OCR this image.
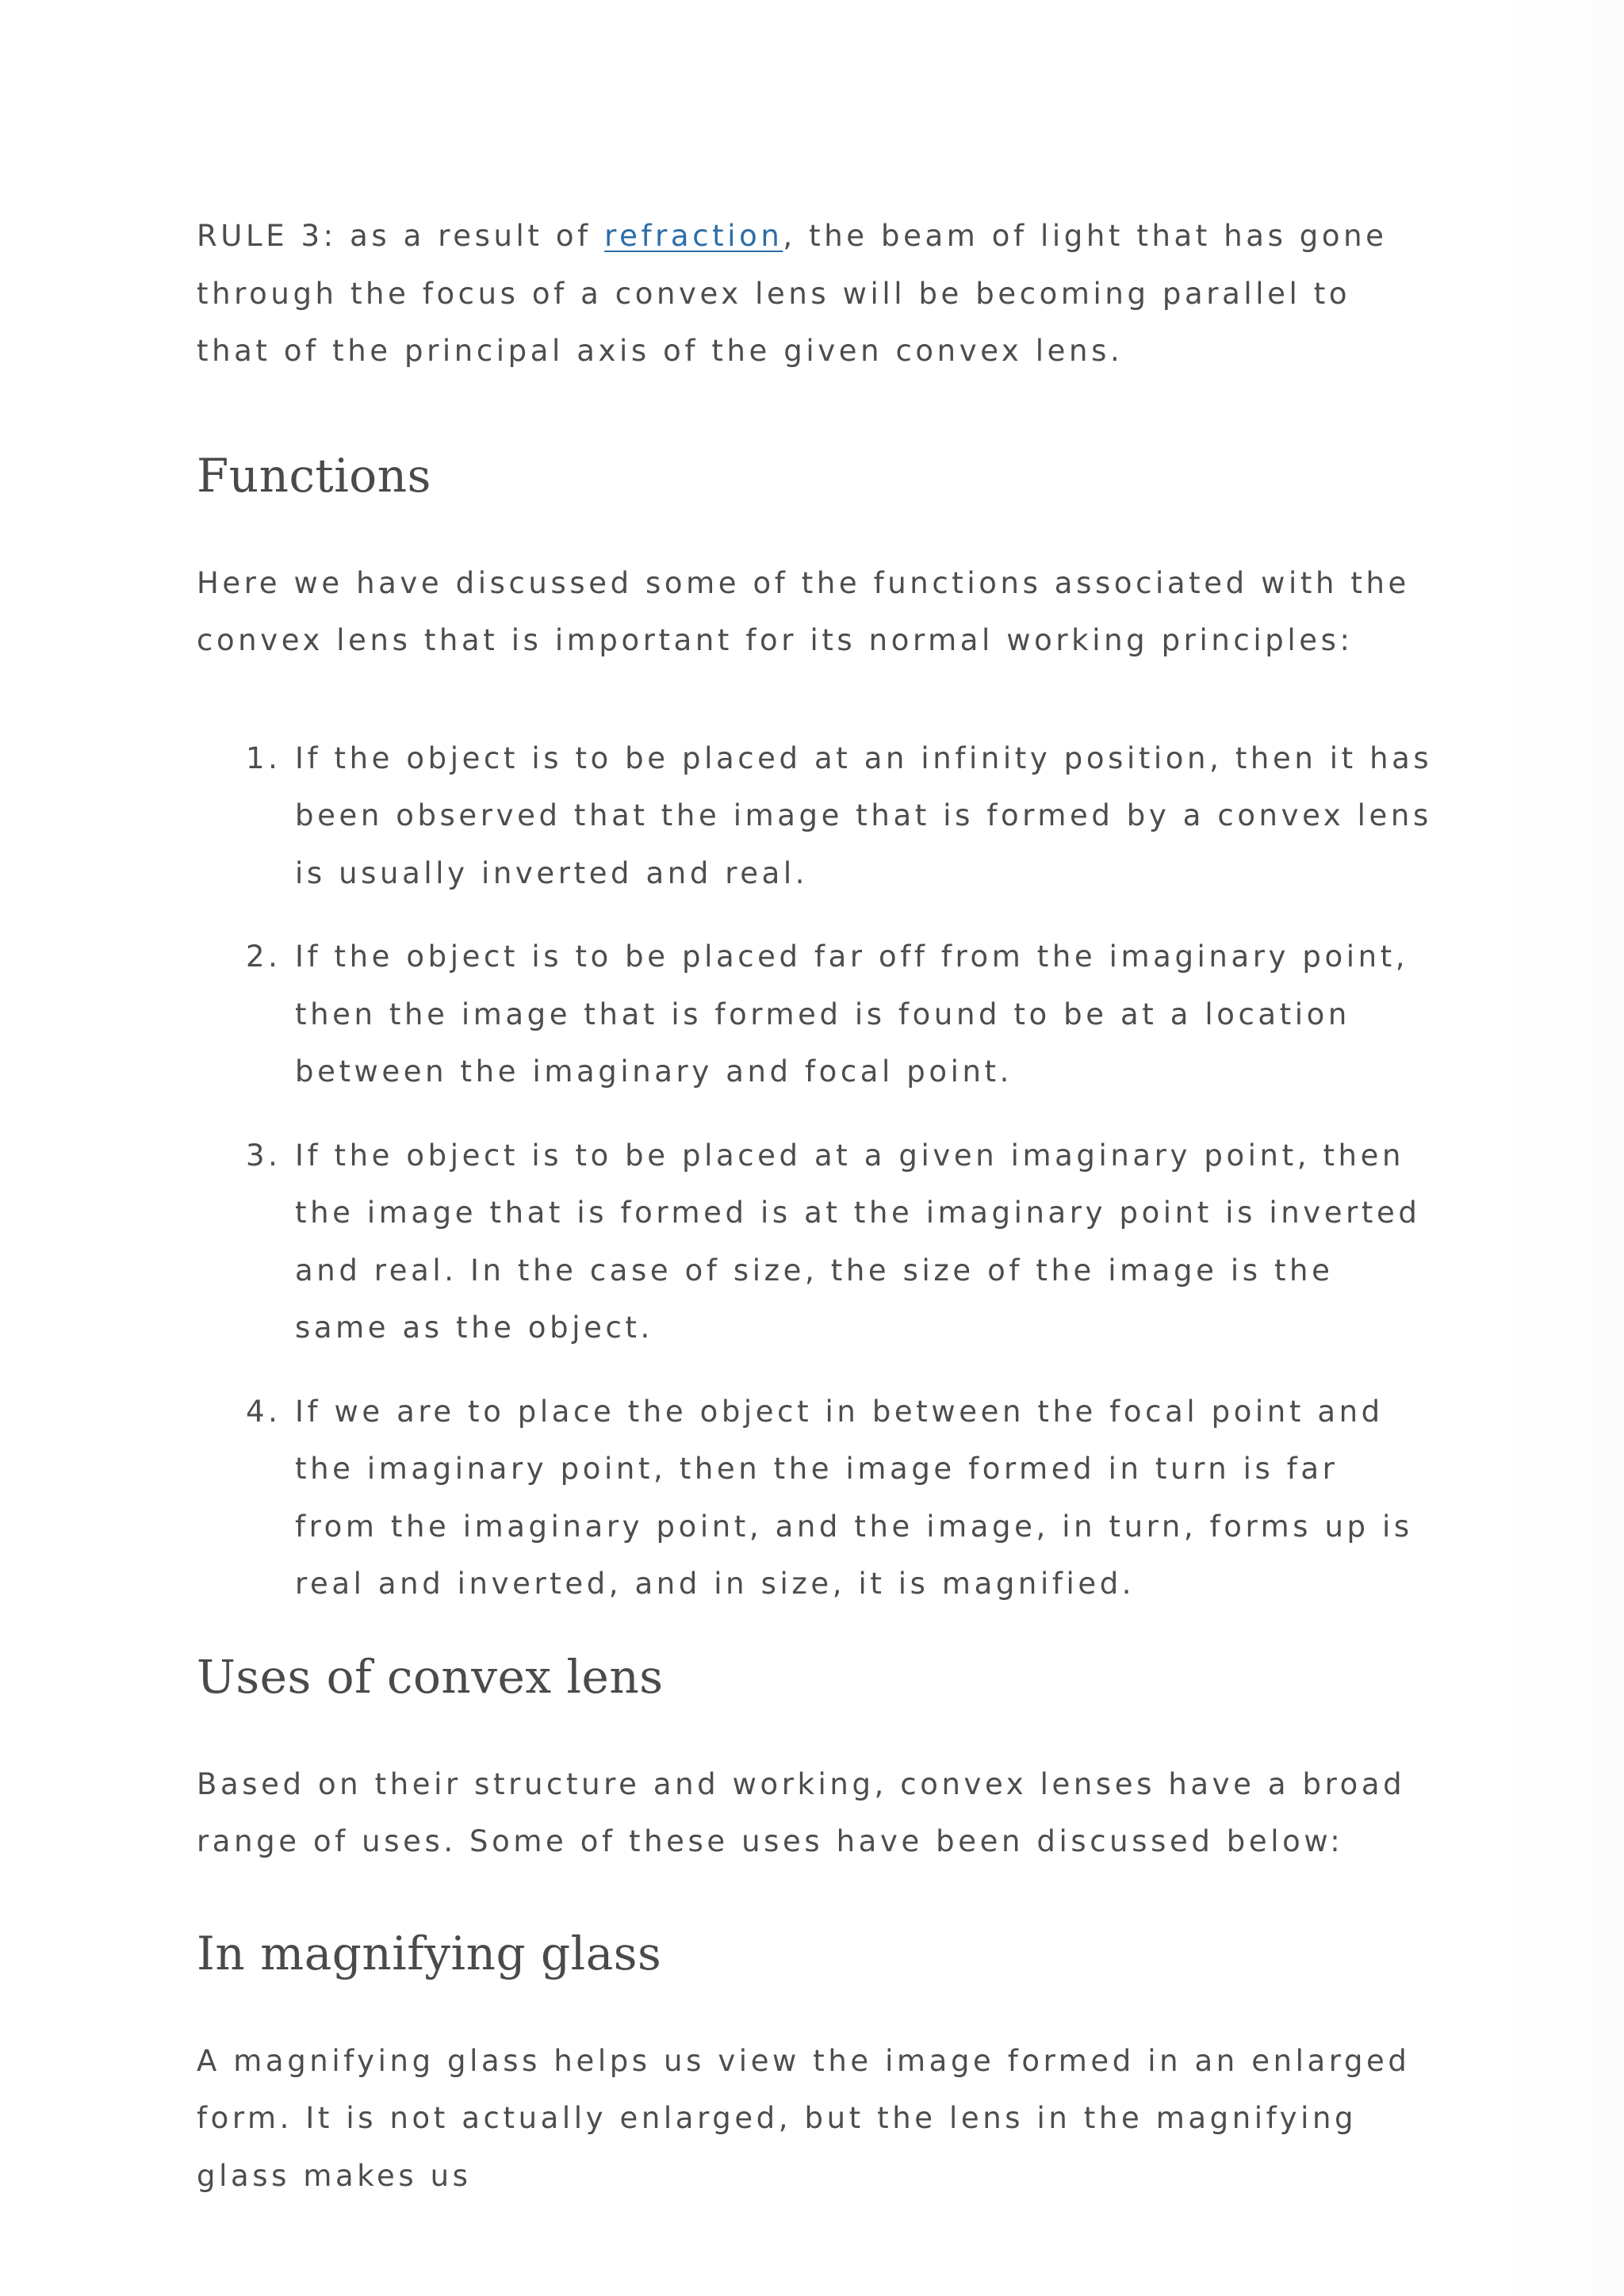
RULE 3: as a result of refraction, the beam of light that has gone through the focus of a convex lens will be becoming parallel to that of the principal axis of the given convex lens.

Functions

Here we have discussed some of the functions associated with the convex lens that is important for its normal working principles:

1. If the object is to be placed at an infinity position, then it has been observed that the image that is formed by a convex lens is usually inverted and real.
2. If the object is to be placed far off from the imaginary point, then the image that is formed is found to be at a location between the imaginary and focal point.
3. If the object is to be placed at a given imaginary point, then the image that is formed is at the imaginary point is inverted and real. In the case of size, the size of the image is the same as the object.
4. If we are to place the object in between the focal point and the imaginary point, then the image formed in turn is far from the imaginary point, and the image, in turn, forms up is real and inverted, and in size, it is magnified.
Uses of convex lens

Based on their structure and working, convex lenses have a broad range of uses. Some of these uses have been discussed below:

In magnifying glass

A magnifying glass helps us view the image formed in an enlarged form. It is not actually enlarged, but the lens in the magnifying glass makes us
